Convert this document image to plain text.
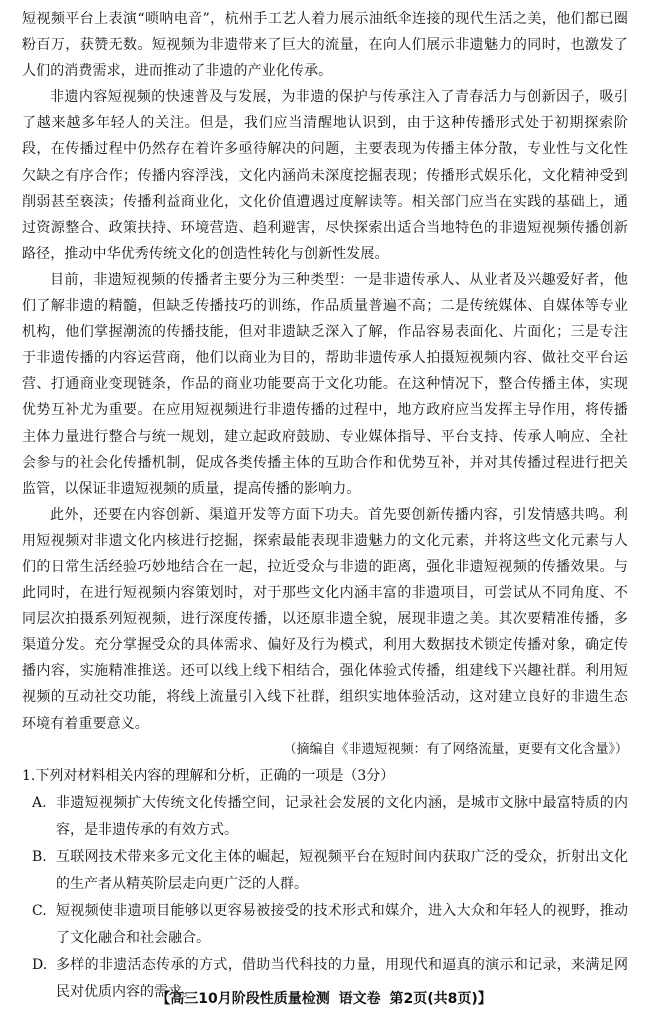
短视频平台上表演“唢呐电音”，杭州手工艺人着力展示油纸伞连接的现代生活之美，他们都已圈粉百万，获赞无数。短视频为非遗带来了巨大的流量，在向人们展示非遗魅力的同时，也激发了人们的消费需求，进而推动了非遗的产业化传承。

非遗内容短视频的快速普及与发展，为非遗的保护与传承注入了青春活力与创新因子，吸引了越来越多年轻人的关注。但是，我们应当清醒地认识到，由于这种传播形式处于初期探索阶段，在传播过程中仍然存在着许多亟待解决的问题，主要表现为传播主体分散，专业性与文化性欠缺之有序合作；传播内容浮浅，文化内涵尚未深度挖掘表现；传播形式娱乐化，文化精神受到削弱甚至亵渎；传播利益商业化，文化价值遭遇过度解读等。相关部门应当在实践的基础上，通过资源整合、政策扶持、环境营造、趋利避害，尽快探索出适合当地特色的非遗短视频传播创新路径，推动中华优秀传统文化的创造性转化与创新性发展。

目前，非遗短视频的传播者主要分为三种类型：一是非遗传承人、从业者及兴趣爱好者，他们了解非遗的精髓，但缺乏传播技巧的训练，作品质量普遍不高；二是传统媒体、自媒体等专业机构，他们掌握潮流的传播技能，但对非遗缺乏深入了解，作品容易表面化、片面化；三是专注于非遗传播的内容运营商，他们以商业为目的，帮助非遗传承人拍摄短视频内容、做社交平台运营、打通商业变现链条，作品的商业功能要高于文化功能。在这种情况下，整合传播主体，实现优势互补尤为重要。在应用短视频进行非遗传播的过程中，地方政府应当发挥主导作用，将传播主体力量进行整合与统一规划，建立起政府鼓励、专业媒体指导、平台支持、传承人响应、全社会参与的社会化传播机制，促成各类传播主体的互助合作和优势互补，并对其传播过程进行把关监管，以保证非遗短视频的质量，提高传播的影响力。

此外，还要在内容创新、渠道开发等方面下功夫。首先要创新传播内容，引发情感共鸣。利用短视频对非遗文化内核进行挖掘，探索最能表现非遗魅力的文化元素，并将这些文化元素与人们的日常生活经验巧妙地结合在一起，拉近受众与非遗的距离，强化非遗短视频的传播效果。与此同时，在进行短视频内容策划时，对于那些文化内涵丰富的非遗项目，可尝试从不同角度、不同层次拍摄系列短视频，进行深度传播，以还原非遗全貌，展现非遗之美。其次要精准传播，多渠道分发。充分掌握受众的具体需求、偏好及行为模式，利用大数据技术锁定传播对象，确定传播内容，实施精准推送。还可以线上线下相结合，强化体验式传播，组建线下兴趣社群。利用短视频的互动社交功能，将线上流量引入线下社群，组织实地体验活动，这对建立良好的非遗生态环境有着重要意义。

（摘编自《非遗短视频：有了网络流量，更要有文化含量》）

1.下列对材料相关内容的理解和分析，正确的一项是（3分）

A. 非遗短视频扩大传统文化传播空间，记录社会发展的文化内涵，是城市文脉中最富特质的内容，是非遗传承的有效方式。
B. 互联网技术带来多元文化主体的崛起，短视频平台在短时间内获取广泛的受众，折射出文化的生产者从精英阶层走向更广泛的人群。
C. 短视频使非遗项目能够以更容易被接受的技术形式和媒介，进入大众和年轻人的视野，推动了文化融合和社会融合。
D. 多样的非遗活态传承的方式，借助当代科技的力量，用现代和逼真的演示和记录，来满足网民对优质内容的需求。
【高三10月阶段性质量检测 语文卷 第2页(共8页)】
